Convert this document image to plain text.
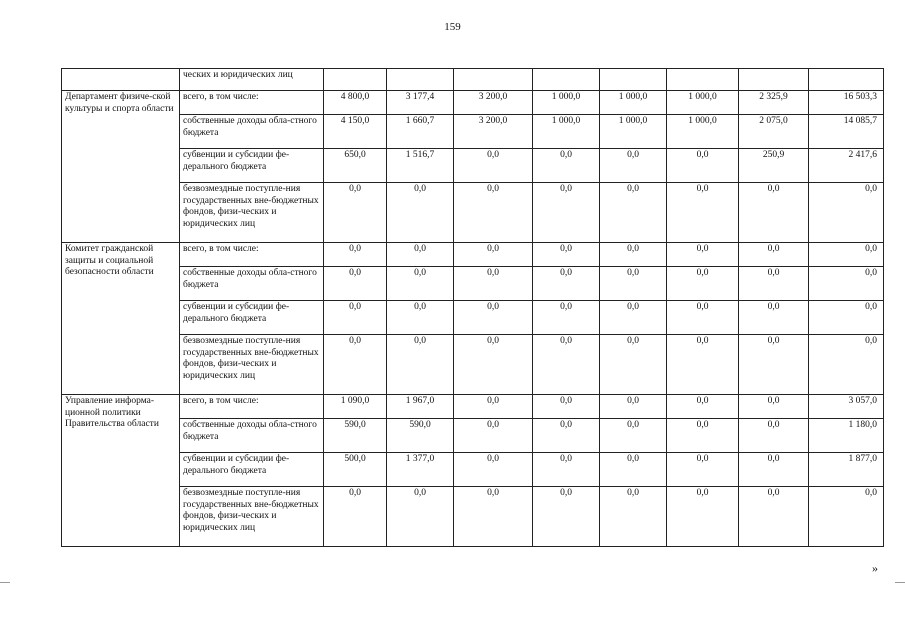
159
	ческих и юридических лиц								
Департамент физиче-ской культуры и спорта области	всего, в том числе:	4 800,0	3 177,4	3 200,0	1 000,0	1 000,0	1 000,0	2 325,9	16 503,3
	собственные доходы обла-стного бюджета	4 150,0	1 660,7	3 200,0	1 000,0	1 000,0	1 000,0	2 075,0	14 085,7
	субвенции и субсидии фе-дерального бюджета	650,0	1 516,7	0,0	0,0	0,0	0,0	250,9	2 417,6
	безвозмездные поступле-ния государственных вне-бюджетных фондов, физи-ческих и юридических лиц	0,0	0,0	0,0	0,0	0,0	0,0	0,0	0,0
Комитет гражданской защиты и социальной безопасности области	всего, в том числе:	0,0	0,0	0,0	0,0	0,0	0,0	0,0	0,0
	собственные доходы обла-стного бюджета	0,0	0,0	0,0	0,0	0,0	0,0	0,0	0,0
	субвенции и субсидии фе-дерального бюджета	0,0	0,0	0,0	0,0	0,0	0,0	0,0	0,0
	безвозмездные поступле-ния государственных вне-бюджетных фондов, физи-ческих и юридических лиц	0,0	0,0	0,0	0,0	0,0	0,0	0,0	0,0
Управление информа-ционной политики Правительства области	всего, в том числе:	1 090,0	1 967,0	0,0	0,0	0,0	0,0	0,0	3 057,0
	собственные доходы обла-стного бюджета	590,0	590,0	0,0	0,0	0,0	0,0	0,0	1 180,0
	субвенции и субсидии фе-дерального бюджета	500,0	1 377,0	0,0	0,0	0,0	0,0	0,0	1 877,0
	безвозмездные поступле-ния государственных вне-бюджетных фондов, физи-ческих и юридических лиц	0,0	0,0	0,0	0,0	0,0	0,0	0,0	0,0
»
